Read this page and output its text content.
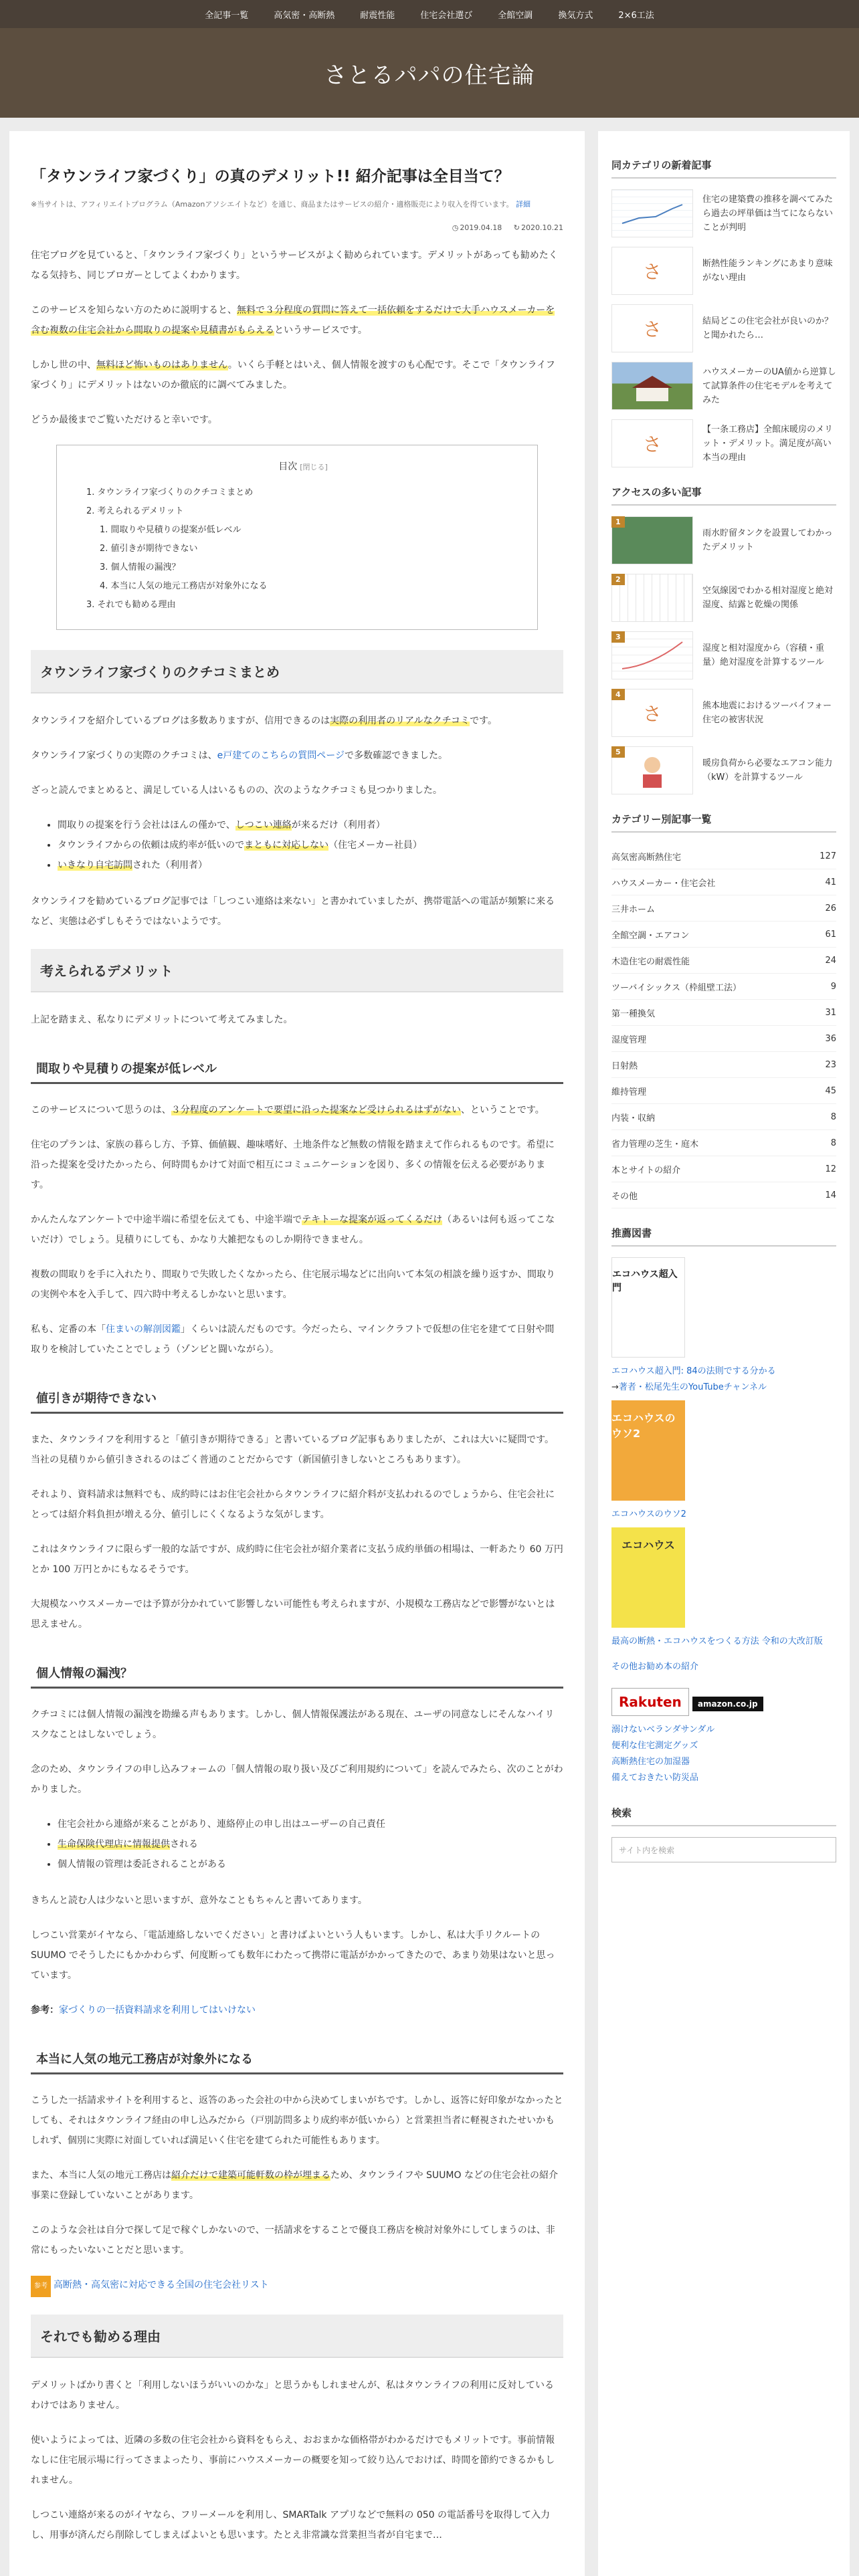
全記事一覧	高気密・高断熱	耐震性能	住宅会社選び	全館空調	換気方式	2×6工法
さとるパパの住宅論
「タウンライフ家づくり」の真のデメリット!! 紹介記事は全目当て？
※当サイトは、アフィリエイトプログラム（Amazonアソシエイトなど）を通じ、商品またはサービスの紹介・適格販売により収入を得ています。 詳細
◷ 2019.04.18 ↻ 2020.10.21

住宅ブログを見ていると、「タウンライフ家づくり」というサービスがよく勧められています。デメリットがあっても勧めたくなる気持ち、同じブロガーとしてよくわかります。

このサービスを知らない方のために説明すると、無料で３分程度の質問に答えて一括依頼をするだけで大手ハウスメーカーを含む複数の住宅会社から間取りの提案や見積書がもらえるというサービスです。

しかし世の中、無料ほど怖いものはありません。いくら手軽とはいえ、個人情報を渡すのも心配です。そこで「タウンライフ家づくり」にデメリットはないのか徹底的に調べてみました。

どうか最後までご覧いただけると幸いです。

目次 [閉じる]
1. タウンライフ家づくりのクチコミまとめ
2. 考えられるデメリット
1. 間取りや見積りの提案が低レベル
2. 値引きが期待できない
3. 個人情報の漏洩？
4. 本当に人気の地元工務店が対象外になる
3. それでも勧める理由
タウンライフ家づくりのクチコミまとめ

タウンライフを紹介しているブログは多数ありますが、信用できるのは実際の利用者のリアルなクチコミです。

タウンライフ家づくりの実際のクチコミは、e戸建てのこちらの質問ページで多数確認できました。

ざっと読んでまとめると、満足している人はいるものの、次のようなクチコミも見つかりました。

• 間取りの提案を行う会社はほんの僅かで、しつこい連絡が来るだけ（利用者）
• タウンライフからの依頼は成約率が低いのでまともに対応しない（住宅メーカー社員）
• いきなり自宅訪問された（利用者）

タウンライフを勧めているブログ記事では「しつこい連絡は来ない」と書かれていましたが、携帯電話への電話が頻繁に来るなど、実態は必ずしもそうではないようです。

考えられるデメリット

上記を踏まえ、私なりにデメリットについて考えてみました。

間取りや見積りの提案が低レベル

このサービスについて思うのは、３分程度のアンケートで要望に沿った提案など受けられるはずがない、ということです。

住宅のプランは、家族の暮らし方、予算、価値観、趣味嗜好、土地条件など無数の情報を踏まえて作られるものです。希望に沿った提案を受けたかったら、何時間もかけて対面で相互にコミュニケーションを図り、多くの情報を伝える必要があります。

かんたんなアンケートで中途半端に希望を伝えても、中途半端でテキトーな提案が返ってくるだけ（あるいは何も返ってこないだけ）でしょう。見積りにしても、かなり大雑把なものしか期待できません。

複数の間取りを手に入れたり、間取りで失敗したくなかったら、住宅展示場などに出向いて本気の相談を繰り返すか、間取りの実例や本を入手して、四六時中考えるしかないと思います。

私も、定番の本「住まいの解剖図鑑」くらいは読んだものです。今だったら、マインクラフトで仮想の住宅を建てて日射や間取りを検討していたことでしょう（ゾンビと闘いながら）。

値引きが期待できない

また、タウンライフを利用すると「値引きが期待できる」と書いているブログ記事もありましたが、これは大いに疑問です。当社の見積りから値引きされるのはごく普通のことだからです（新国値引きしないところもあります）。

それより、資料請求は無料でも、成約時にはお住宅会社からタウンライフに紹介料が支払われるのでしょうから、住宅会社にとっては紹介料負担が増える分、値引しにくくなるような気がします。

これはタウンライフに限らず一般的な話ですが、成約時に住宅会社が紹介業者に支払う成約単価の相場は、一軒あたり 60 万円とか 100 万円とかにもなるそうです。

大規模なハウスメーカーでは予算が分かれていて影響しない可能性も考えられますが、小規模な工務店などで影響がないとは思えません。

個人情報の漏洩？

クチコミには個人情報の漏洩を勘繰る声もあります。しかし、個人情報保護法がある現在、ユーザの同意なしにそんなハイリスクなことはしないでしょう。

念のため、タウンライフの申し込みフォームの「個人情報の取り扱い及びご利用規約について」を読んでみたら、次のことがわかりました。

• 住宅会社から連絡が来ることがあり、連絡停止の申し出はユーザーの自己責任
• 生命保険代理店に情報提供される
• 個人情報の管理は委託されることがある

きちんと読む人は少ないと思いますが、意外なこともちゃんと書いてあります。

しつこい営業がイヤなら、「電話連絡しないでください」と書けばよいという人もいます。しかし、私は大手リクルートの SUUMO でそうしたにもかかわらず、何度断っても数年にわたって携帯に電話がかかってきたので、あまり効果はないと思っています。

参考：家づくりの一括資料請求を利用してはいけない

本当に人気の地元工務店が対象外になる

こうした一括請求サイトを利用すると、返答のあった会社の中から決めてしまいがちです。しかし、返答に好印象がなかったとしても、それはタウンライフ経由の申し込みだから（戸別訪問多より成約率が低いから）と営業担当者に軽視されたせいかもしれず、個別に実際に対面していれば満足いく住宅を建てられた可能性もあります。

また、本当に人気の地元工務店は紹介だけで建築可能軒数の枠が埋まるため、タウンライフや SUUMO などの住宅会社の紹介事業に登録していないことがあります。

このような会社は自分で探して足で稼ぐしかないので、一括請求をすることで優良工務店を検討対象外にしてしまうのは、非常にもったいないことだと思います。

参考 高断熱・高気密に対応できる全国の住宅会社リスト

それでも勧める理由

デメリットばかり書くと「利用しないほうがいいのかな」と思うかもしれませんが、私はタウンライフの利用に反対しているわけではありません。

使いようによっては、近隣の多数の住宅会社から資料をもらえ、おおまかな価格帯がわかるだけでもメリットです。事前情報なしに住宅展示場に行ってさまよったり、事前にハウスメーカーの概要を知って絞り込んでおけば、時間を節約できるかもしれません。

しつこい連絡が来るのがイヤなら、フリーメールを利用し、SMARTalk アプリなどで無料の 050 の電話番号を取得して入力し、用事が済んだら削除してしまえばよいとも思います。たとえ非常識な営業担当者が自宅まで…

同カテゴリの新着記事
住宅の建築費の推移を調べてみたら過去の坪単価は当てにならないことが判明
さ	断熱性能ランキングにあまり意味がない理由
さ	結局どこの住宅会社が良いのか？と聞かれたら…
ハウスメーカーのUA値から逆算して試算条件の住宅モデルを考えてみた
さ
【一条工務店】全館床暖房のメリット・デメリット。満足度が高い本当の理由
アクセスの多い記事
1
雨水貯留タンクを設置してわかったデメリット
2
空気線図でわかる相対湿度と絶対湿度、結露と乾燥の関係
3
湿度と相対湿度から（容積・重量）絶対湿度を計算するツール
さ
4
熊本地震におけるツーバイフォー住宅の被害状況
5
暖房負荷から必要なエアコン能力（kW）を計算するツール
カテゴリー別記事一覧
高気密高断熱住宅	127
ハウスメーカー・住宅会社	41
三井ホーム	26
全館空調・エアコン	61
木造住宅の耐震性能	24
ツーバイシックス（枠組壁工法）	9
第一種換気	31
湿度管理	36
日射熱	23
維持管理	45
内装・収納	8
省力管理の芝生・庭木	8
本とサイトの紹介	12
その他	14
推薦図書
エコハウス超入門
エコハウス超入門: 84の法則でする分かる
→著者・松尾先生のYouTubeチャンネル
エコハウスのウソ2
エコハウスのウソ2
エコハウス
最高の断熱・エコハウスをつくる方法 令和の大改訂版
その他お勧め本の紹介
Rakuten amazon.co.jp
溺けないベランダサンダル
便利な住宅測定グッズ
高断熱住宅の加湿器
備えておきたい防災品
検索
サイト内を検索
